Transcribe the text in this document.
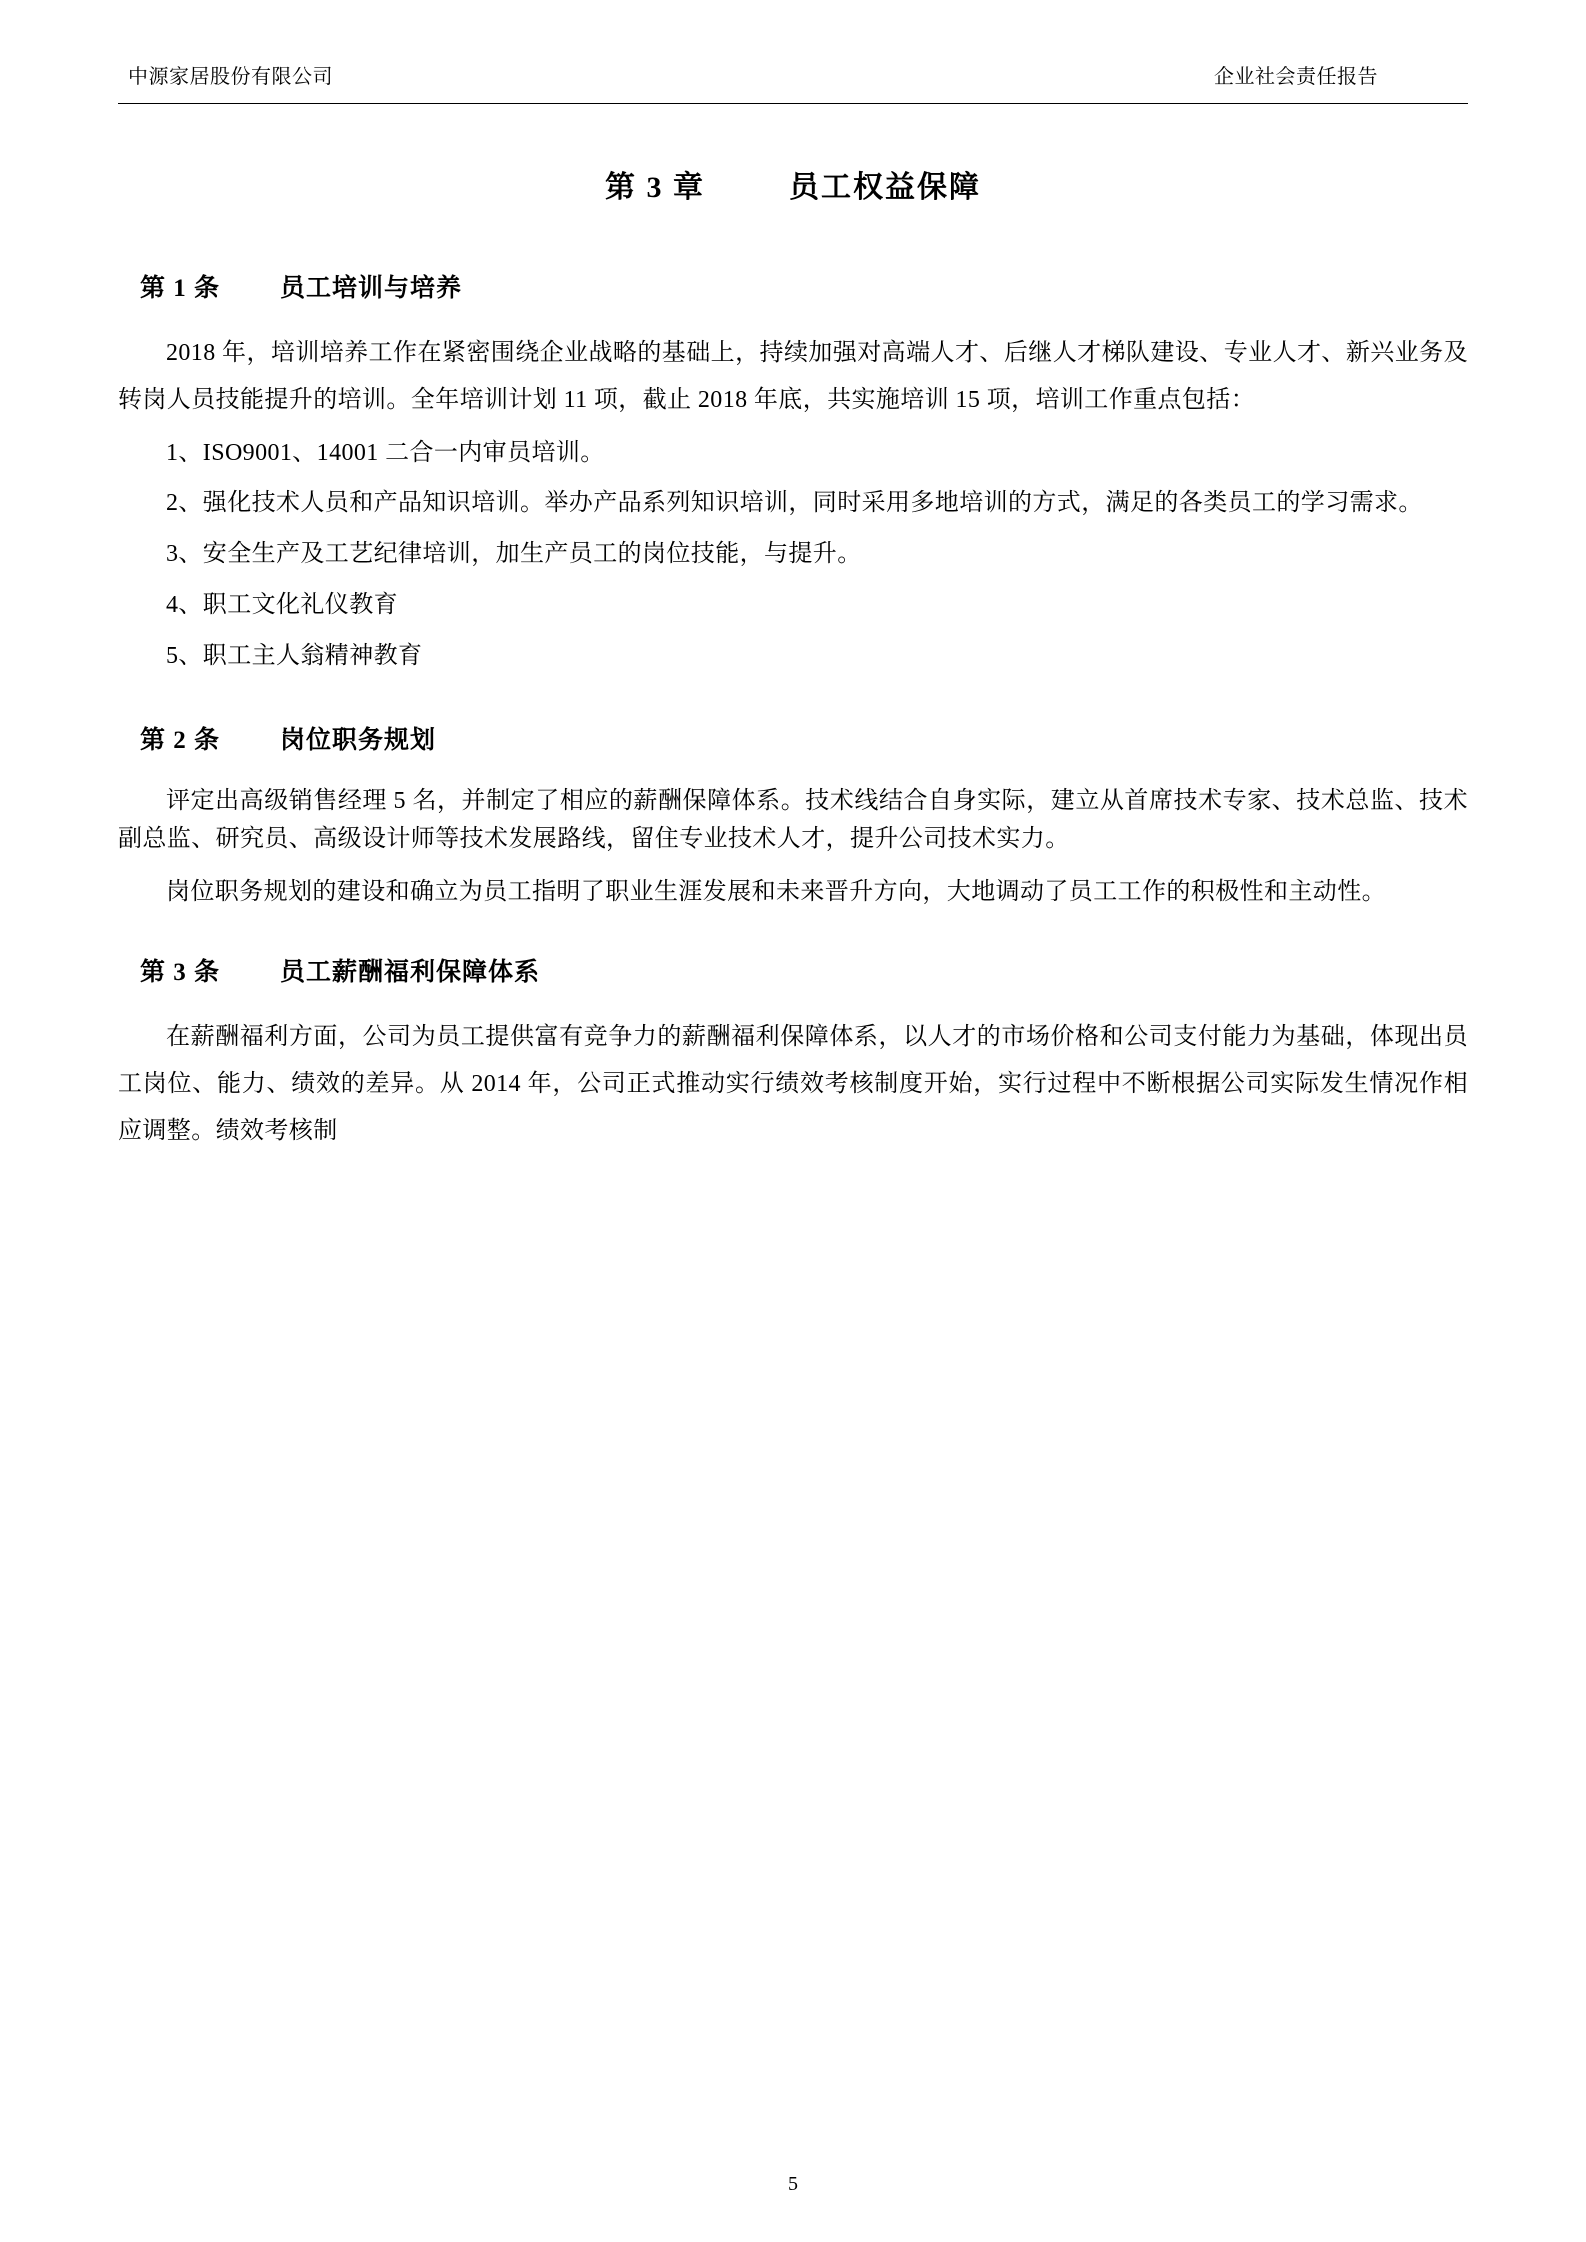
中源家居股份有限公司	企业社会责任报告
第 3 章	员工权益保障
第 1 条 员工培训与培养

2018 年，培训培养工作在紧密围绕企业战略的基础上，持续加强对高端人才、后继人才梯队建设、专业人才、新兴业务及转岗人员技能提升的培训。全年培训计划 11 项，截止 2018 年底，共实施培训 15 项，培训工作重点包括：

1、ISO9001、14001 二合一内审员培训。

2、强化技术人员和产品知识培训。举办产品系列知识培训，同时采用多地培训的方式，满足的各类员工的学习需求。

3、安全生产及工艺纪律培训，加生产员工的岗位技能，与提升。

4、职工文化礼仪教育

5、职工主人翁精神教育

第 2 条 岗位职务规划

评定出高级销售经理 5 名，并制定了相应的薪酬保障体系。技术线结合自身实际，建立从首席技术专家、技术总监、技术副总监、研究员、高级设计师等技术发展路线，留住专业技术人才，提升公司技术实力。

岗位职务规划的建设和确立为员工指明了职业生涯发展和未来晋升方向，大地调动了员工工作的积极性和主动性。

第 3 条 员工薪酬福利保障体系

在薪酬福利方面，公司为员工提供富有竞争力的薪酬福利保障体系，以人才的市场价格和公司支付能力为基础，体现出员工岗位、能力、绩效的差异。从 2014 年，公司正式推动实行绩效考核制度开始，实行过程中不断根据公司实际发生情况作相应调整。绩效考核制

5
